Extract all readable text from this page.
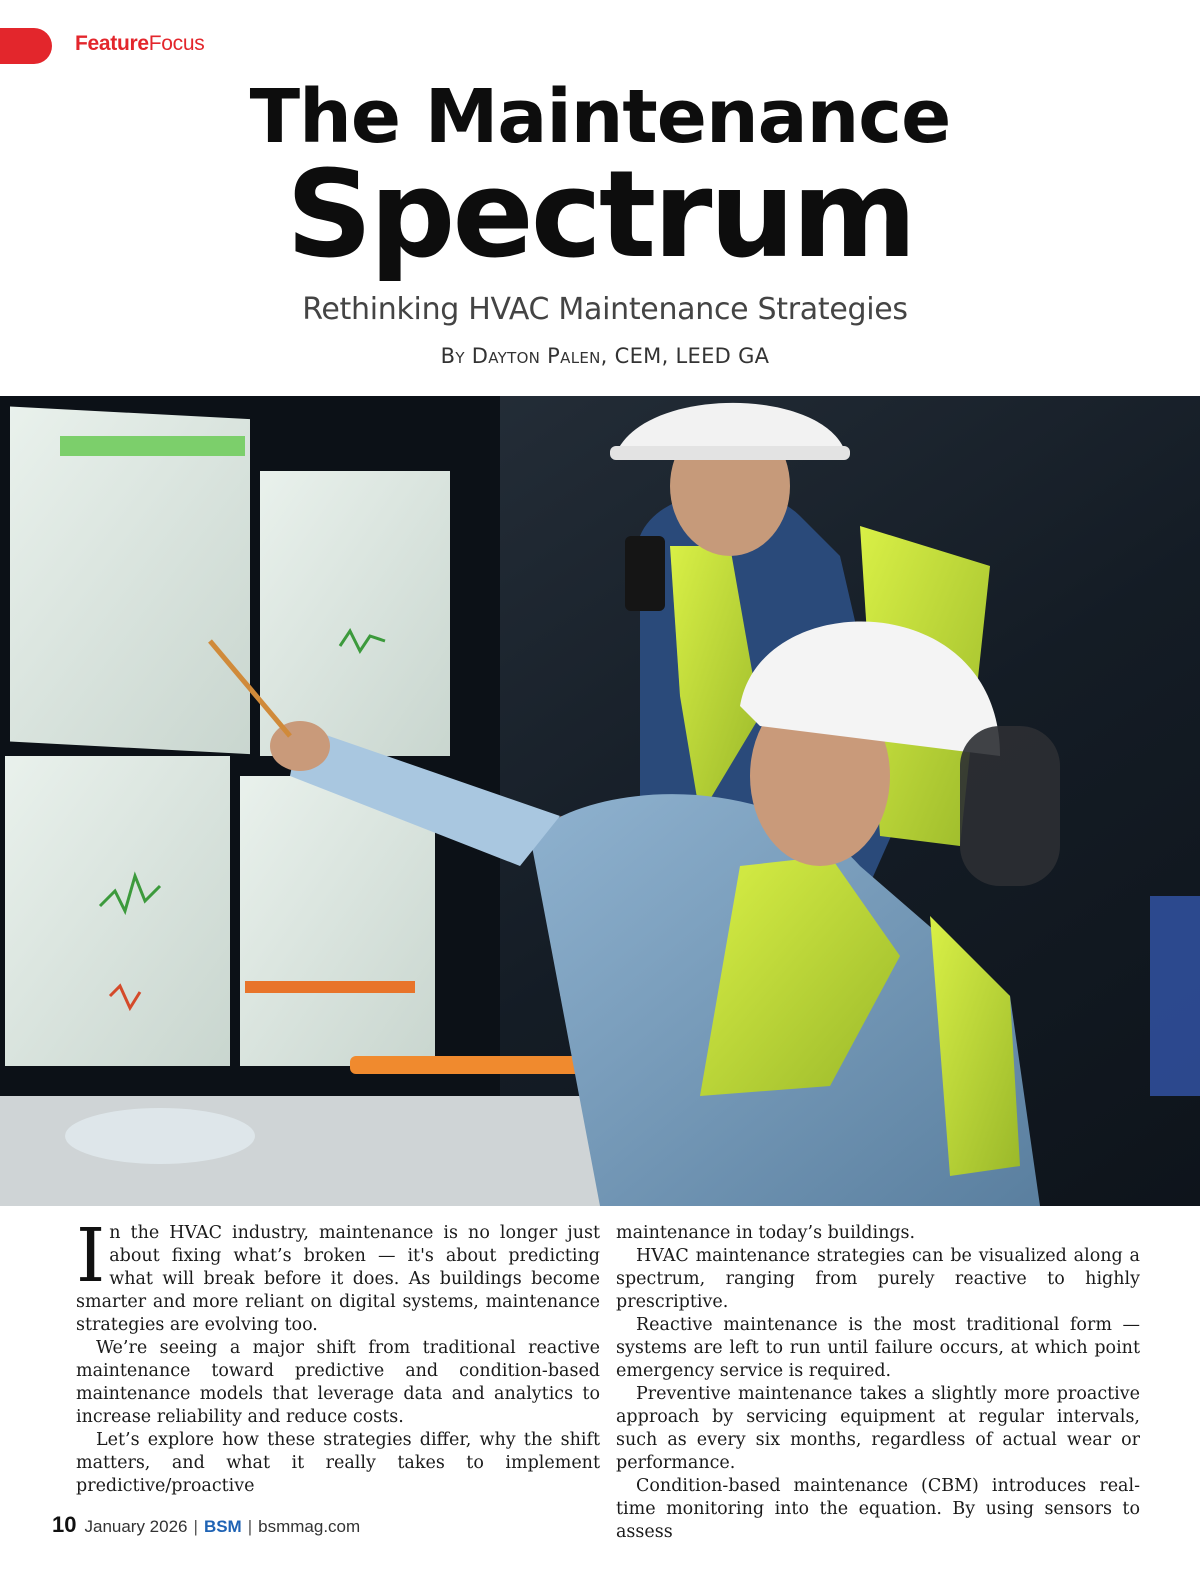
FeatureFocus
The Maintenance
Spectrum
Rethinking HVAC Maintenance Strategies
By Dayton Palen, CEM, LEED GA

In the HVAC industry, maintenance is no longer just about fixing what’s broken — it's about predicting what will break before it does. As buildings become smarter and more reliant on digital systems, maintenance strategies are evolving too.

We’re seeing a major shift from traditional reactive maintenance toward predictive and condition-based maintenance models that leverage data and analytics to increase reliability and reduce costs.

Let’s explore how these strategies differ, why the shift matters, and what it really takes to implement predictive/proactive

maintenance in today’s buildings.

HVAC maintenance strategies can be visualized along a spectrum, ranging from purely reactive to highly prescriptive.

Reactive maintenance is the most traditional form — systems are left to run until failure occurs, at which point emergency service is required.

Preventive maintenance takes a slightly more proactive approach by servicing equipment at regular intervals, such as every six months, regardless of actual wear or performance.

Condition-based maintenance (CBM) introduces real-time monitoring into the equation. By using sensors to assess

10 January 2026 | BSM | bsmmag.com
